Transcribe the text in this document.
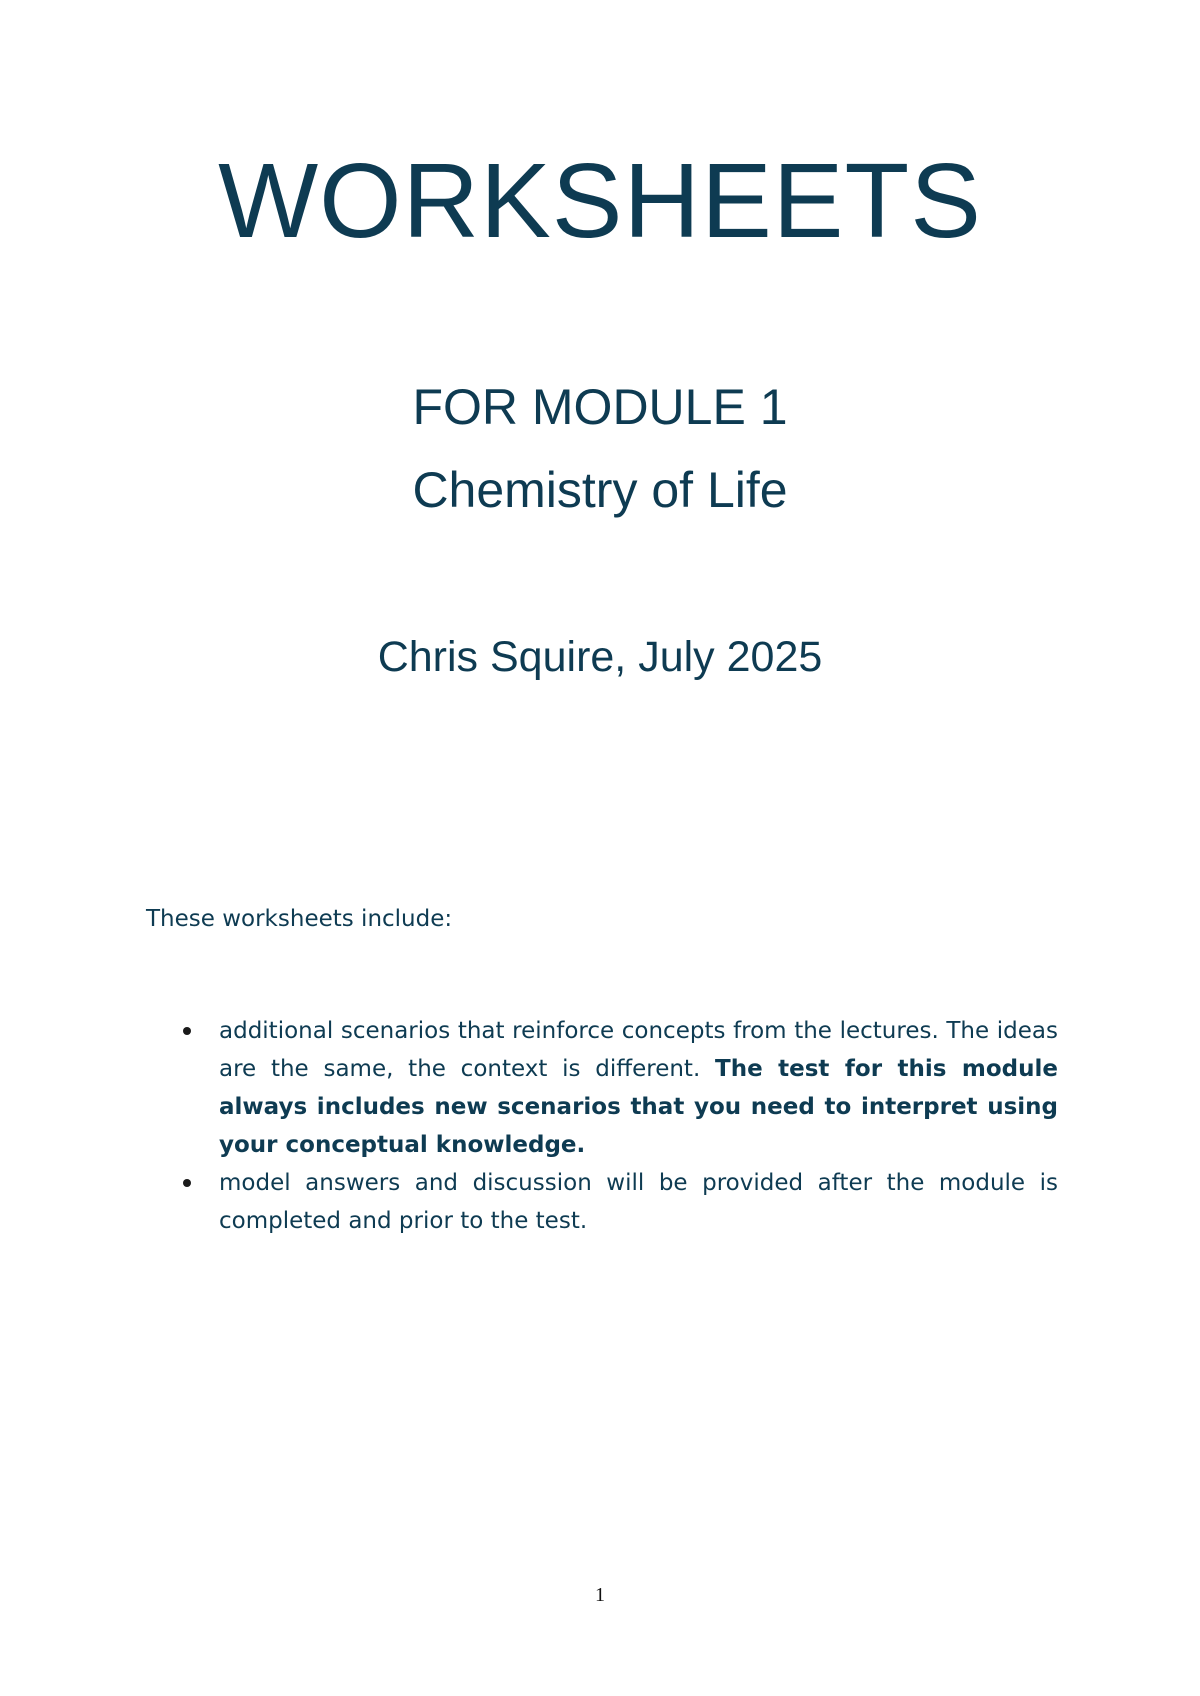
WORKSHEETS
FOR MODULE 1
Chemistry of Life
Chris Squire, July 2025
These worksheets include:
additional scenarios that reinforce concepts from the lectures. The ideas are the same, the context is different. The test for this module always includes new scenarios that you need to interpret using your conceptual knowledge.
model answers and discussion will be provided after the module is completed and prior to the test.
1
